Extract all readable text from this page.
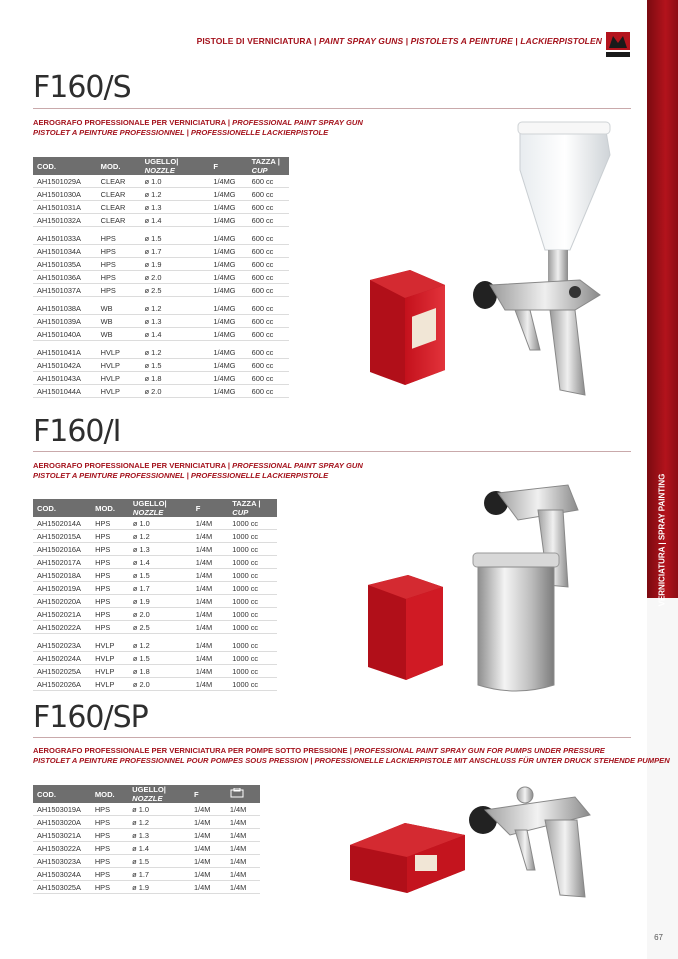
VERNICIATURA | SPRAY PAINTING
PISTOLE DI VERNICIATURA | PAINT SPRAY GUNS | PISTOLETS A PEINTURE | LACKIERPISTOLEN
F160/S
AEROGRAFO PROFESSIONALE PER VERNICIATURA | PROFESSIONAL PAINT SPRAY GUN
PISTOLET A PEINTURE PROFESSIONNEL | PROFESSIONELLE LACKIERPISTOLE
COD.	MOD.	UGELLO| NOZZLE	F	TAZZA | CUP
AH1501029A	CLEAR	ø 1.0	1/4MG	600 cc
AH1501030A	CLEAR	ø 1.2	1/4MG	600 cc
AH1501031A	CLEAR	ø 1.3	1/4MG	600 cc
AH1501032A	CLEAR	ø 1.4	1/4MG	600 cc

AH1501033A	HPS	ø 1.5	1/4MG	600 cc
AH1501034A	HPS	ø 1.7	1/4MG	600 cc
AH1501035A	HPS	ø 1.9	1/4MG	600 cc
AH1501036A	HPS	ø 2.0	1/4MG	600 cc
AH1501037A	HPS	ø 2.5	1/4MG	600 cc

AH1501038A	WB	ø 1.2	1/4MG	600 cc
AH1501039A	WB	ø 1.3	1/4MG	600 cc
AH1501040A	WB	ø 1.4	1/4MG	600 cc

AH1501041A	HVLP	ø 1.2	1/4MG	600 cc
AH1501042A	HVLP	ø 1.5	1/4MG	600 cc
AH1501043A	HVLP	ø 1.8	1/4MG	600 cc
AH1501044A	HVLP	ø 2.0	1/4MG	600 cc
F160/I
AEROGRAFO PROFESSIONALE PER VERNICIATURA | PROFESSIONAL PAINT SPRAY GUN
PISTOLET A PEINTURE PROFESSIONNEL | PROFESSIONELLE LACKIERPISTOLE
COD.	MOD.	UGELLO| NOZZLE	F	TAZZA | CUP
AH1502014A	HPS	ø 1.0	1/4M	1000 cc
AH1502015A	HPS	ø 1.2	1/4M	1000 cc
AH1502016A	HPS	ø 1.3	1/4M	1000 cc
AH1502017A	HPS	ø 1.4	1/4M	1000 cc
AH1502018A	HPS	ø 1.5	1/4M	1000 cc
AH1502019A	HPS	ø 1.7	1/4M	1000 cc
AH1502020A	HPS	ø 1.9	1/4M	1000 cc
AH1502021A	HPS	ø 2.0	1/4M	1000 cc
AH1502022A	HPS	ø 2.5	1/4M	1000 cc

AH1502023A	HVLP	ø 1.2	1/4M	1000 cc
AH1502024A	HVLP	ø 1.5	1/4M	1000 cc
AH1502025A	HVLP	ø 1.8	1/4M	1000 cc
AH1502026A	HVLP	ø 2.0	1/4M	1000 cc
F160/SP
AEROGRAFO PROFESSIONALE PER VERNICIATURA PER POMPE SOTTO PRESSIONE | PROFESSIONAL PAINT SPRAY GUN FOR PUMPS UNDER PRESSURE
PISTOLET A PEINTURE PROFESSIONNEL POUR POMPES SOUS PRESSION | PROFESSIONELLE LACKIERPISTOLE MIT ANSCHLUSS FÜR UNTER DRUCK STEHENDE PUMPEN
COD.	MOD.	UGELLO| NOZZLE	F	
AH1503019A	HPS	ø 1.0	1/4M	1/4M
AH1503020A	HPS	ø 1.2	1/4M	1/4M
AH1503021A	HPS	ø 1.3	1/4M	1/4M
AH1503022A	HPS	ø 1.4	1/4M	1/4M
AH1503023A	HPS	ø 1.5	1/4M	1/4M
AH1503024A	HPS	ø 1.7	1/4M	1/4M
AH1503025A	HPS	ø 1.9	1/4M	1/4M
67
